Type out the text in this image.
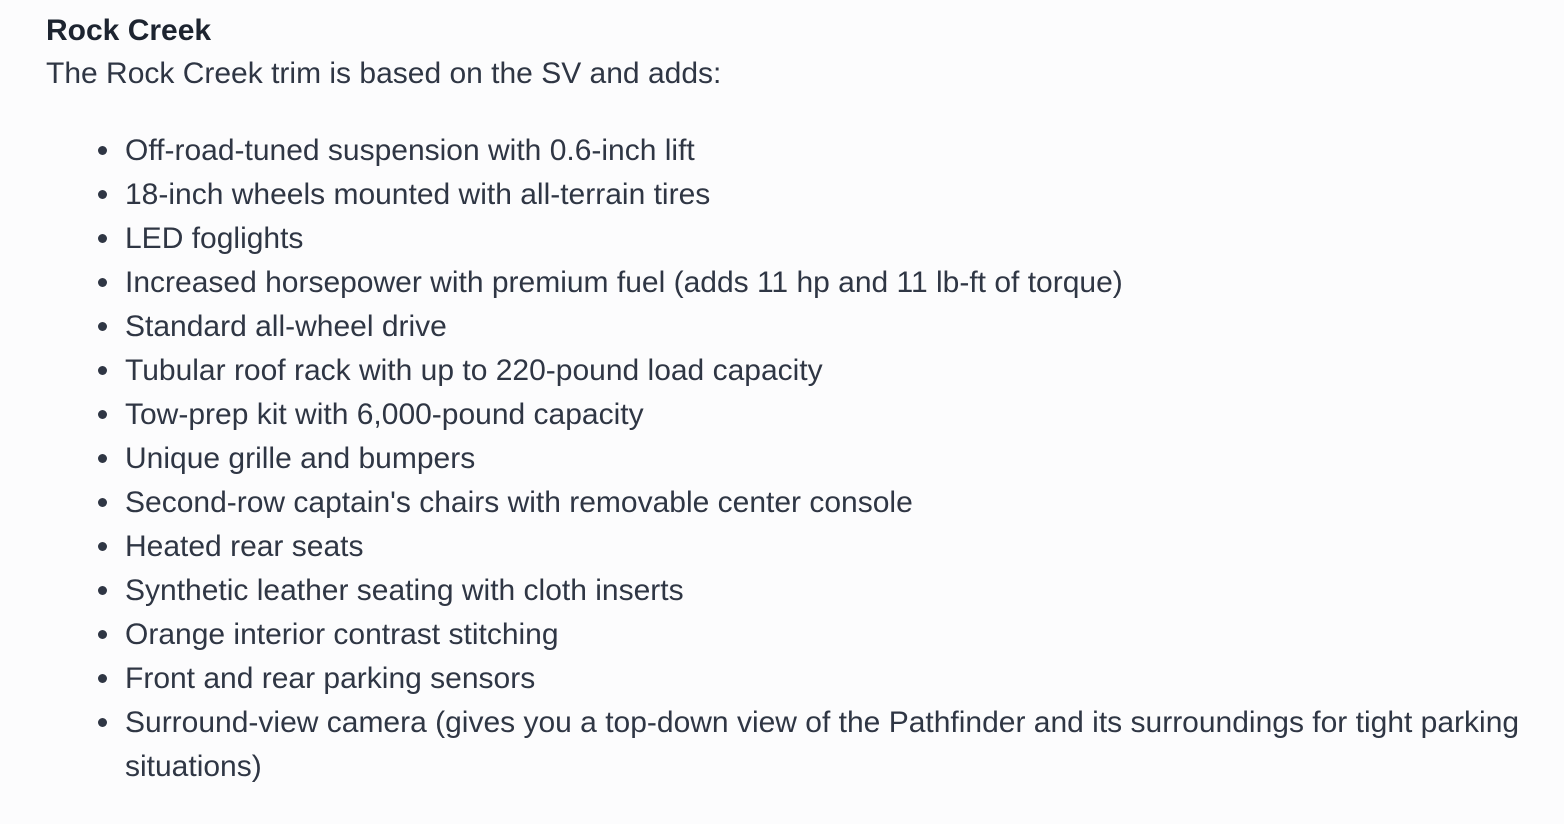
Rock Creek

The Rock Creek trim is based on the SV and adds:

Off-road-tuned suspension with 0.6-inch lift
18-inch wheels mounted with all-terrain tires
LED foglights
Increased horsepower with premium fuel (adds 11 hp and 11 lb-ft of torque)
Standard all-wheel drive
Tubular roof rack with up to 220-pound load capacity
Tow-prep kit with 6,000-pound capacity
Unique grille and bumpers
Second-row captain's chairs with removable center console
Heated rear seats
Synthetic leather seating with cloth inserts
Orange interior contrast stitching
Front and rear parking sensors
Surround-view camera (gives you a top-down view of the Pathfinder and its surroundings for tight parking situations)
